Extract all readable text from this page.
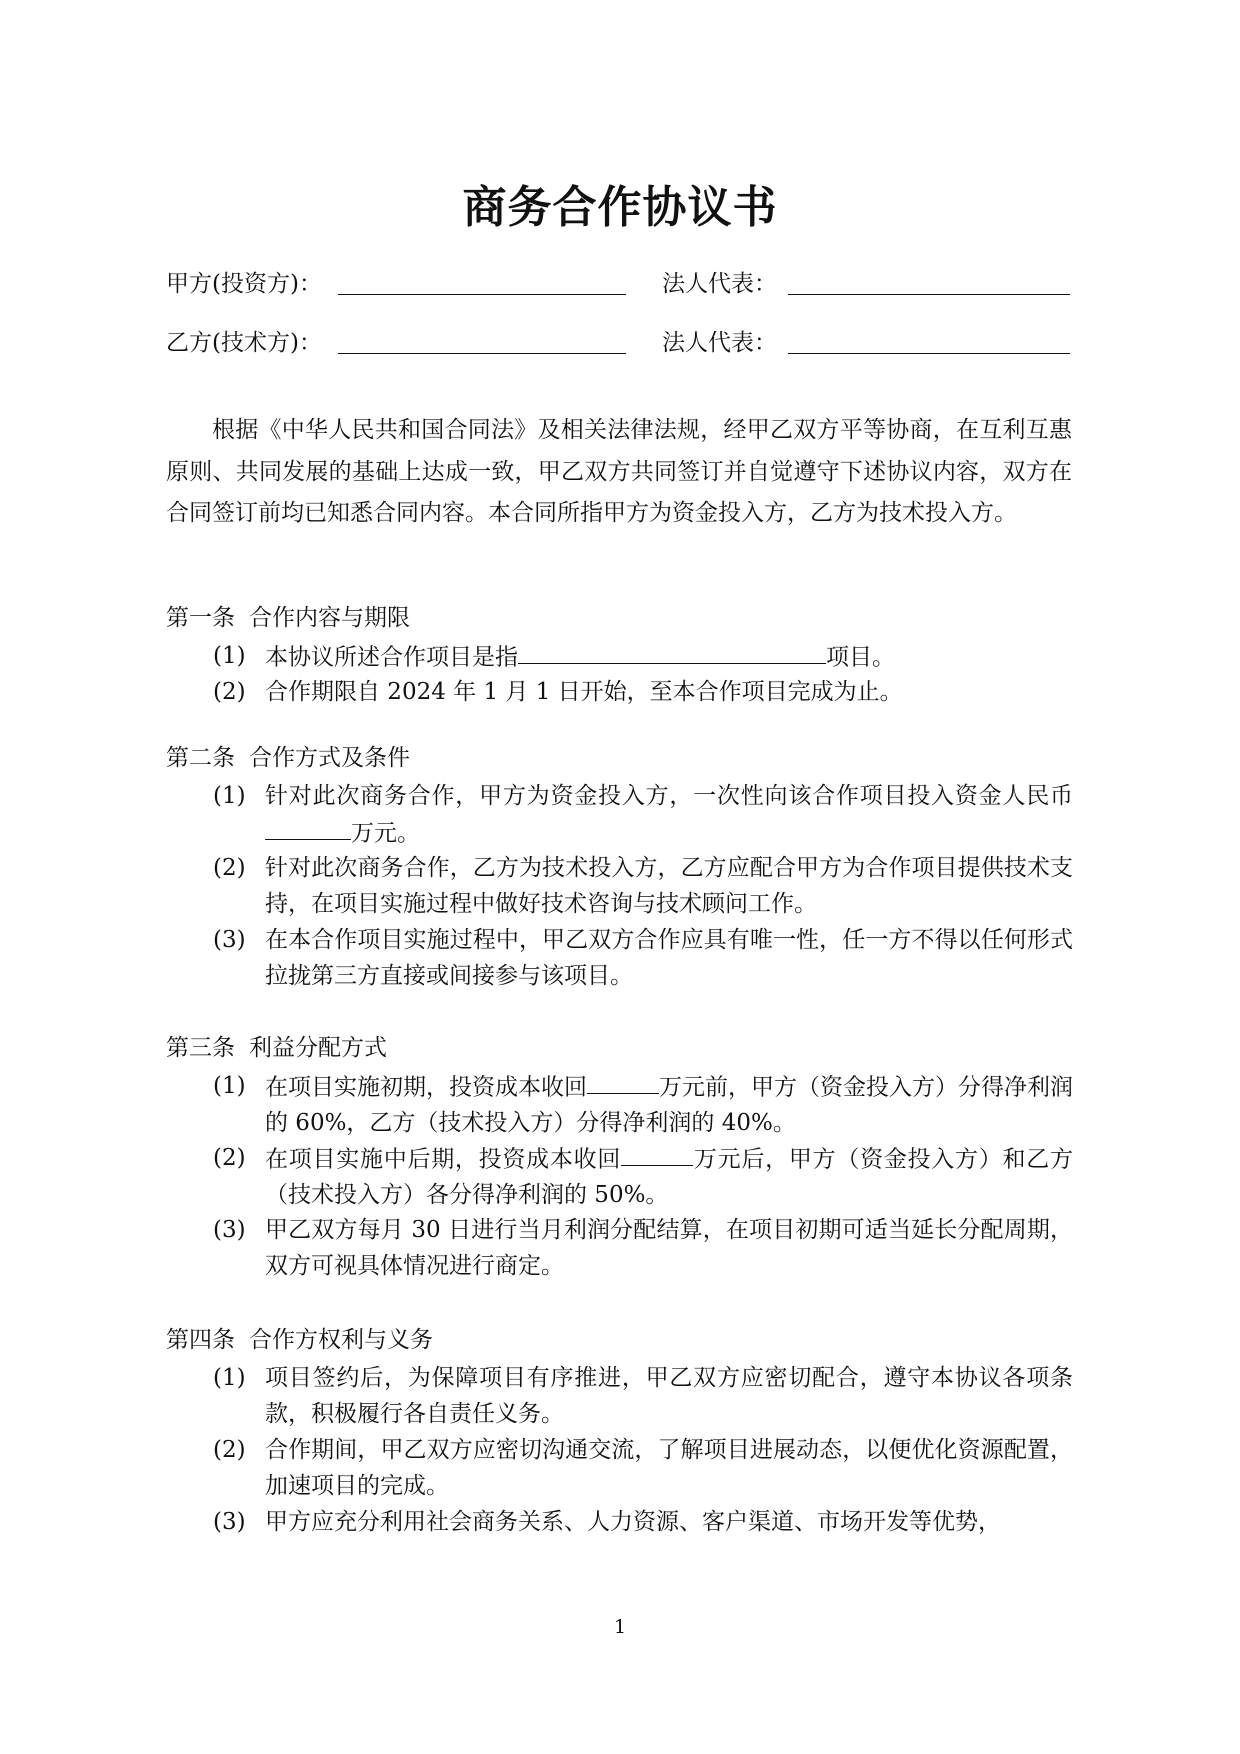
商务合作协议书
甲方(投资方)：	法人代表：
乙方(技术方)：	法人代表：

根据《中华人民共和国合同法》及相关法律法规，经甲乙双方平等协商，在互利互惠原则、共同发展的基础上达成一致，甲乙双方共同签订并自觉遵守下述协议内容，双方在合同签订前均已知悉合同内容。本合同所指甲方为资金投入方，乙方为技术投入方。

第一条 合作内容与期限
(1) 本协议所述合作项目是指	项目。

(2) 合作期限自 2024 年 1 月 1 日开始，至本合作项目完成为止。

第二条 合作方式及条件
(1) 针对此次商务合作，甲方为资金投入方，一次性向该合作项目投入资金人民币万元。

(2) 针对此次商务合作，乙方为技术投入方，乙方应配合甲方为合作项目提供技术支持，在项目实施过程中做好技术咨询与技术顾问工作。

(3) 在本合作项目实施过程中，甲乙双方合作应具有唯一性，任一方不得以任何形式拉拢第三方直接或间接参与该项目。

第三条 利益分配方式
(1) 在项目实施初期，投资成本收回	万元前，甲方（资金投入方）分得净利润的 60%，乙方（技术投入方）分得净利润的 40%。

(2) 在项目实施中后期，投资成本收回	万元后，甲方（资金投入方）和乙方（技术投入方）各分得净利润的 50%。

(3) 甲乙双方每月 30 日进行当月利润分配结算，在项目初期可适当延长分配周期，双方可视具体情况进行商定。

第四条 合作方权利与义务
(1) 项目签约后，为保障项目有序推进，甲乙双方应密切配合，遵守本协议各项条款，积极履行各自责任义务。

(2) 合作期间，甲乙双方应密切沟通交流，了解项目进展动态，以便优化资源配置，加速项目的完成。

(3) 甲方应充分利用社会商务关系、人力资源、客户渠道、市场开发等优势，

1
